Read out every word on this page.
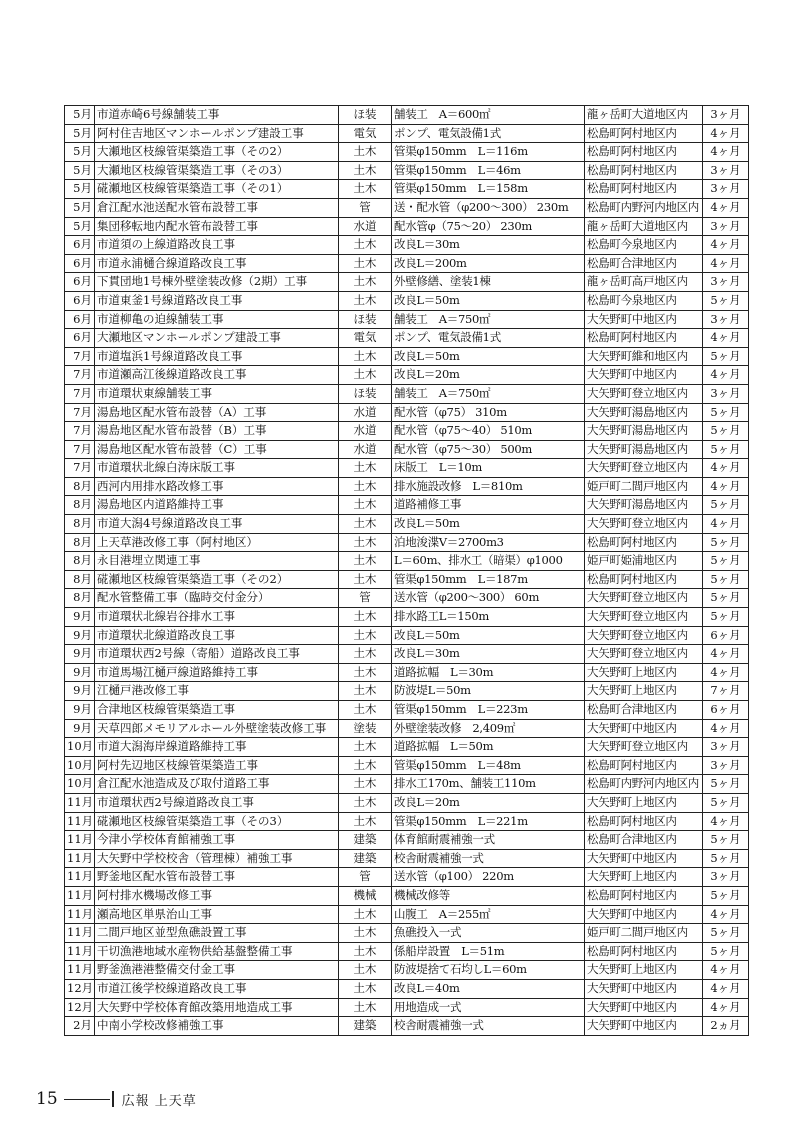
5月	市道赤崎6号線舗装工事	ほ装	舗装工　A＝600㎡	龍ヶ岳町大道地区内	3ヶ月
5月	阿村住吉地区マンホールポンプ建設工事	電気	ポンプ、電気設備1式	松島町阿村地区内	4ヶ月
5月	大瀬地区枝線管渠築造工事（その2）	土木	管渠φ150mm　L＝116m	松島町阿村地区内	4ヶ月
5月	大瀬地区枝線管渠築造工事（その3）	土木	管渠φ150mm　L＝46m	松島町阿村地区内	3ヶ月
5月	硴瀬地区枝線管渠築造工事（その1）	土木	管渠φ150mm　L＝158m	松島町阿村地区内	3ヶ月
5月	倉江配水池送配水管布設替工事	管	送・配水管（φ200～300） 230m	松島町内野河内地区内	4ヶ月
5月	集団移転地内配水管布設替工事	水道	配水管φ（75～20） 230m	龍ヶ岳町大道地区内	3ヶ月
6月	市道須の上線道路改良工事	土木	改良L＝30m	松島町今泉地区内	4ヶ月
6月	市道永浦樋合線道路改良工事	土木	改良L＝200m	松島町合津地区内	4ヶ月
6月	下貫団地1号棟外壁塗装改修（2期）工事	土木	外壁修繕、塗装1棟	龍ヶ岳町高戸地区内	3ヶ月
6月	市道東釜1号線道路改良工事	土木	改良L＝50m	松島町今泉地区内	5ヶ月
6月	市道柳亀の迫線舗装工事	ほ装	舗装工　A＝750㎡	大矢野町中地区内	3ヶ月
6月	大瀬地区マンホールポンプ建設工事	電気	ポンプ、電気設備1式	松島町阿村地区内	4ヶ月
7月	市道塩浜1号線道路改良工事	土木	改良L＝50m	大矢野町維和地区内	5ヶ月
7月	市道瀬高江後線道路改良工事	土木	改良L＝20m	大矢野町中地区内	4ヶ月
7月	市道環状東線舗装工事	ほ装	舗装工　A＝750㎡	大矢野町登立地区内	3ヶ月
7月	湯島地区配水管布設替（A）工事	水道	配水管（φ75） 310m	大矢野町湯島地区内	5ヶ月
7月	湯島地区配水管布設替（B）工事	水道	配水管（φ75～40） 510m	大矢野町湯島地区内	5ヶ月
7月	湯島地区配水管布設替（C）工事	水道	配水管（φ75～30） 500m	大矢野町湯島地区内	5ヶ月
7月	市道環状北線白涛床版工事	土木	床版工　L＝10m	大矢野町登立地区内	4ヶ月
8月	西河内用排水路改修工事	土木	排水施設改修　L＝810m	姫戸町二間戸地区内	4ヶ月
8月	湯島地区内道路維持工事	土木	道路補修工事	大矢野町湯島地区内	5ヶ月
8月	市道大潟4号線道路改良工事	土木	改良L＝50m	大矢野町登立地区内	4ヶ月
8月	上天草港改修工事（阿村地区）	土木	泊地浚渫V＝2700m3	松島町阿村地区内	5ヶ月
8月	永目港埋立関連工事	土木	L＝60m、排水工（暗渠）φ1000	姫戸町姫浦地区内	5ヶ月
8月	硴瀬地区枝線管渠築造工事（その2）	土木	管渠φ150mm　L＝187m	松島町阿村地区内	5ヶ月
8月	配水管整備工事（臨時交付金分）	管	送水管（φ200～300） 60m	大矢野町登立地区内	5ヶ月
9月	市道環状北線岩谷排水工事	土木	排水路工L＝150m	大矢野町登立地区内	5ヶ月
9月	市道環状北線道路改良工事	土木	改良L＝50m	大矢野町登立地区内	6ヶ月
9月	市道環状西2号線（寄船）道路改良工事	土木	改良L＝30m	大矢野町登立地区内	4ヶ月
9月	市道馬場江樋戸線道路維持工事	土木	道路拡幅　L＝30m	大矢野町上地区内	4ヶ月
9月	江樋戸港改修工事	土木	防波堤L＝50m	大矢野町上地区内	7ヶ月
9月	合津地区枝線管渠築造工事	土木	管渠φ150mm　L＝223m	松島町合津地区内	6ヶ月
9月	天草四郎メモリアルホール外壁塗装改修工事	塗装	外壁塗装改修　2,409㎡	大矢野町中地区内	4ヶ月
10月	市道大潟海岸線道路維持工事	土木	道路拡幅　L＝50m	大矢野町登立地区内	3ヶ月
10月	阿村先辺地区枝線管渠築造工事	土木	管渠φ150mm　L＝48m	松島町阿村地区内	3ヶ月
10月	倉江配水池造成及び取付道路工事	土木	排水工170m、舗装工110m	松島町内野河内地区内	5ヶ月
11月	市道環状西2号線道路改良工事	土木	改良L＝20m	大矢野町上地区内	5ヶ月
11月	硴瀬地区枝線管渠築造工事（その3）	土木	管渠φ150mm　L＝221m	松島町阿村地区内	4ヶ月
11月	今津小学校体育館補強工事	建築	体育館耐震補強一式	松島町合津地区内	5ヶ月
11月	大矢野中学校校舎（管理棟）補強工事	建築	校舎耐震補強一式	大矢野町中地区内	5ヶ月
11月	野釜地区配水管布設替工事	管	送水管（φ100） 220m	大矢野町上地区内	3ヶ月
11月	阿村排水機場改修工事	機械	機械改修等	松島町阿村地区内	5ヶ月
11月	瀬高地区単県治山工事	土木	山腹工　A＝255㎡	大矢野町中地区内	4ヶ月
11月	二間戸地区並型魚礁設置工事	土木	魚礁投入一式	姫戸町二間戸地区内	5ヶ月
11月	干切漁港地域水産物供給基盤整備工事	土木	係船岸設置　L＝51m	松島町阿村地区内	5ヶ月
11月	野釜漁港港整備交付金工事	土木	防波堤捨て石均しL＝60m	大矢野町上地区内	4ヶ月
12月	市道江後学校線道路改良工事	土木	改良L＝40m	大矢野町中地区内	4ヶ月
12月	大矢野中学校体育館改築用地造成工事	土木	用地造成一式	大矢野町中地区内	4ヶ月
2月	中南小学校改修補強工事	建築	校舎耐震補強一式	大矢野町中地区内	2ヵ月
15	広報 上天草
